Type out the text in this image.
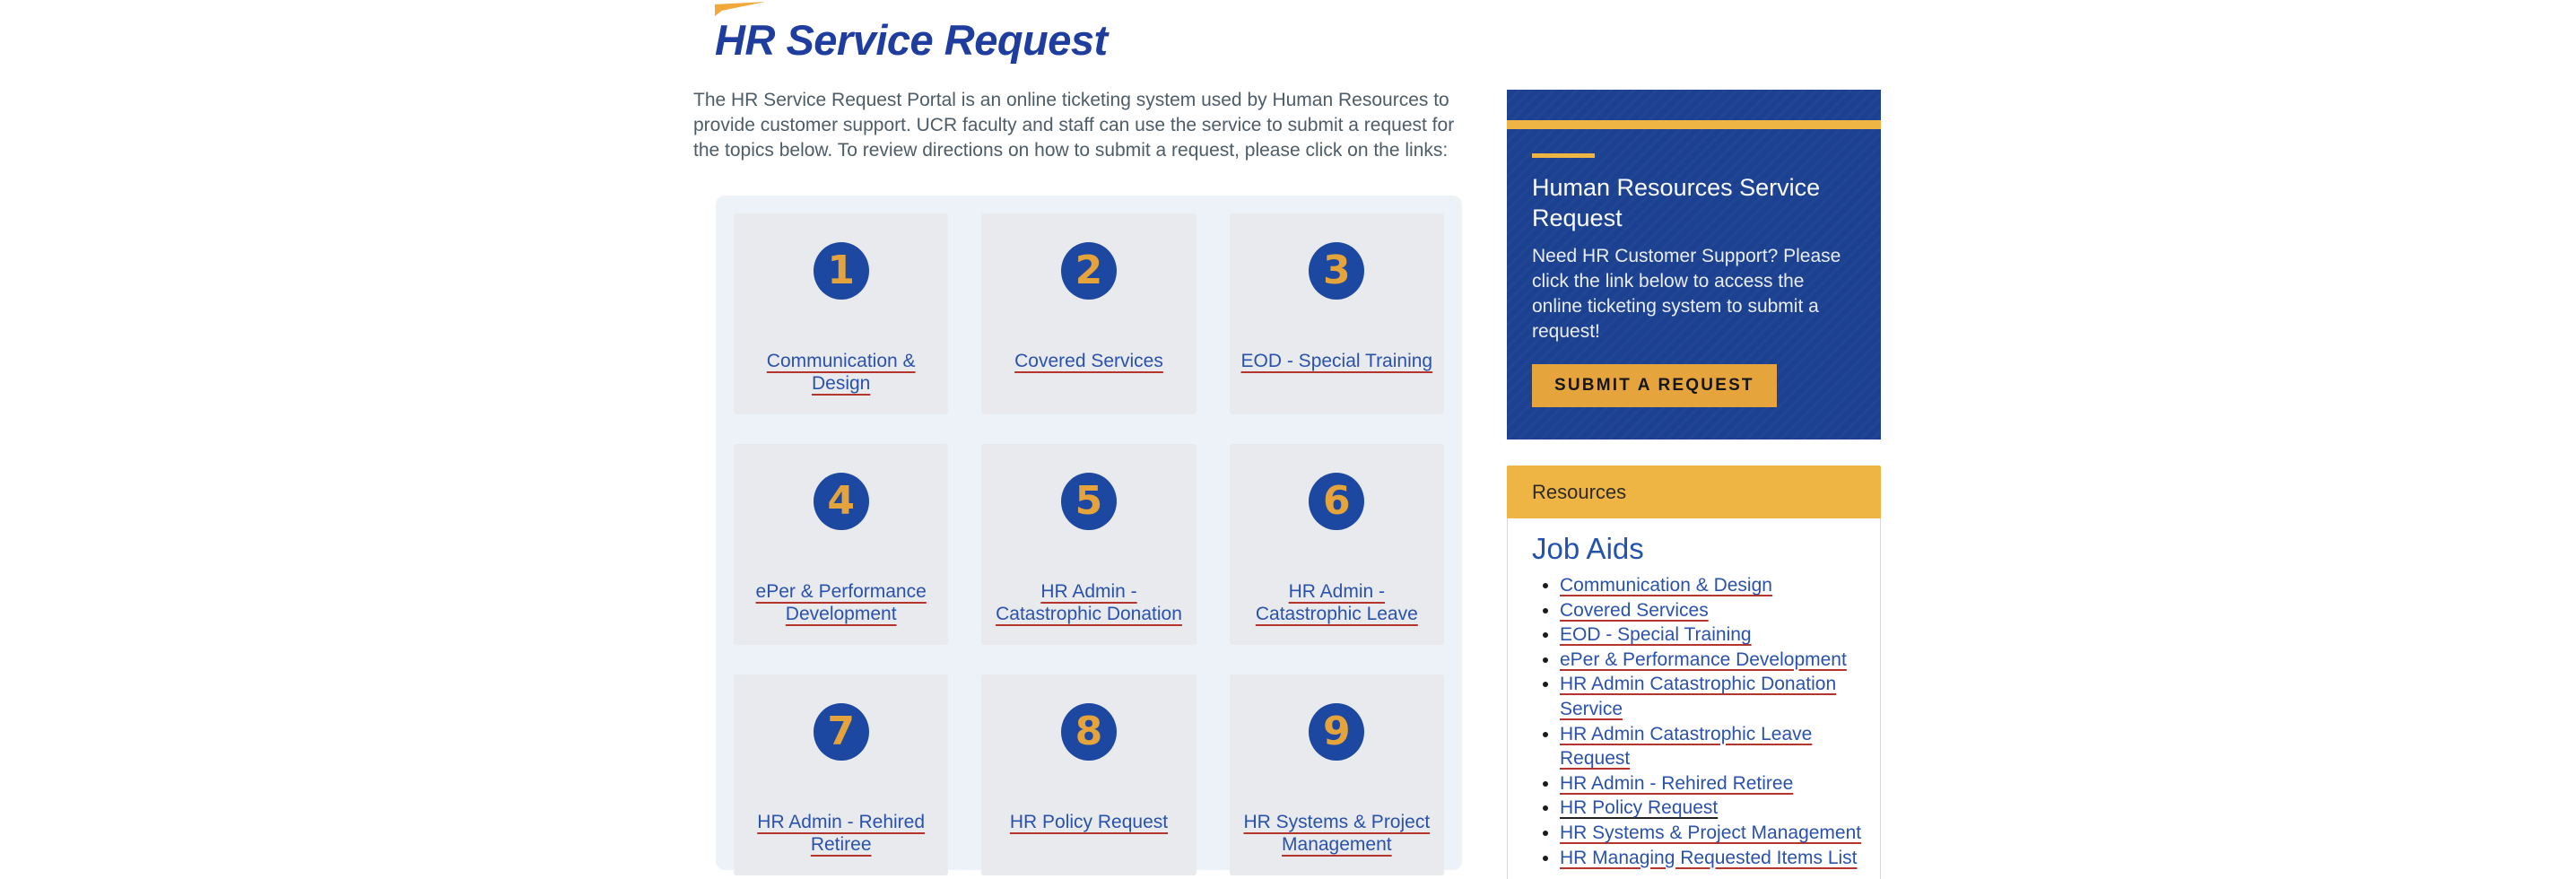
HR Service Request

The HR Service Request Portal is an online ticketing system used by Human Resources to provide customer support. UCR faculty and staff can use the service to submit a request for the topics below. To review directions on how to submit a request, please click on the links:

1
Communication & Design
2
Covered Services
3
EOD - Special Training
4
ePer & Performance Development
5
HR Admin - Catastrophic Donation
6
HR Admin - Catastrophic Leave
7
HR Admin - Rehired Retiree
8
HR Policy Request
9
HR Systems & Project Management
Human Resources Service Request

Need HR Customer Support? Please click the link below to access the online ticketing system to submit a request!

SUBMIT A REQUEST
Resources
Job Aids
• Communication & Design
• Covered Services
• EOD - Special Training
• ePer & Performance Development
• HR Admin Catastrophic Donation Service
• HR Admin Catastrophic Leave Request
• HR Admin - Rehired Retiree
• HR Policy Request
• HR Systems & Project Management
• HR Managing Requested Items List
